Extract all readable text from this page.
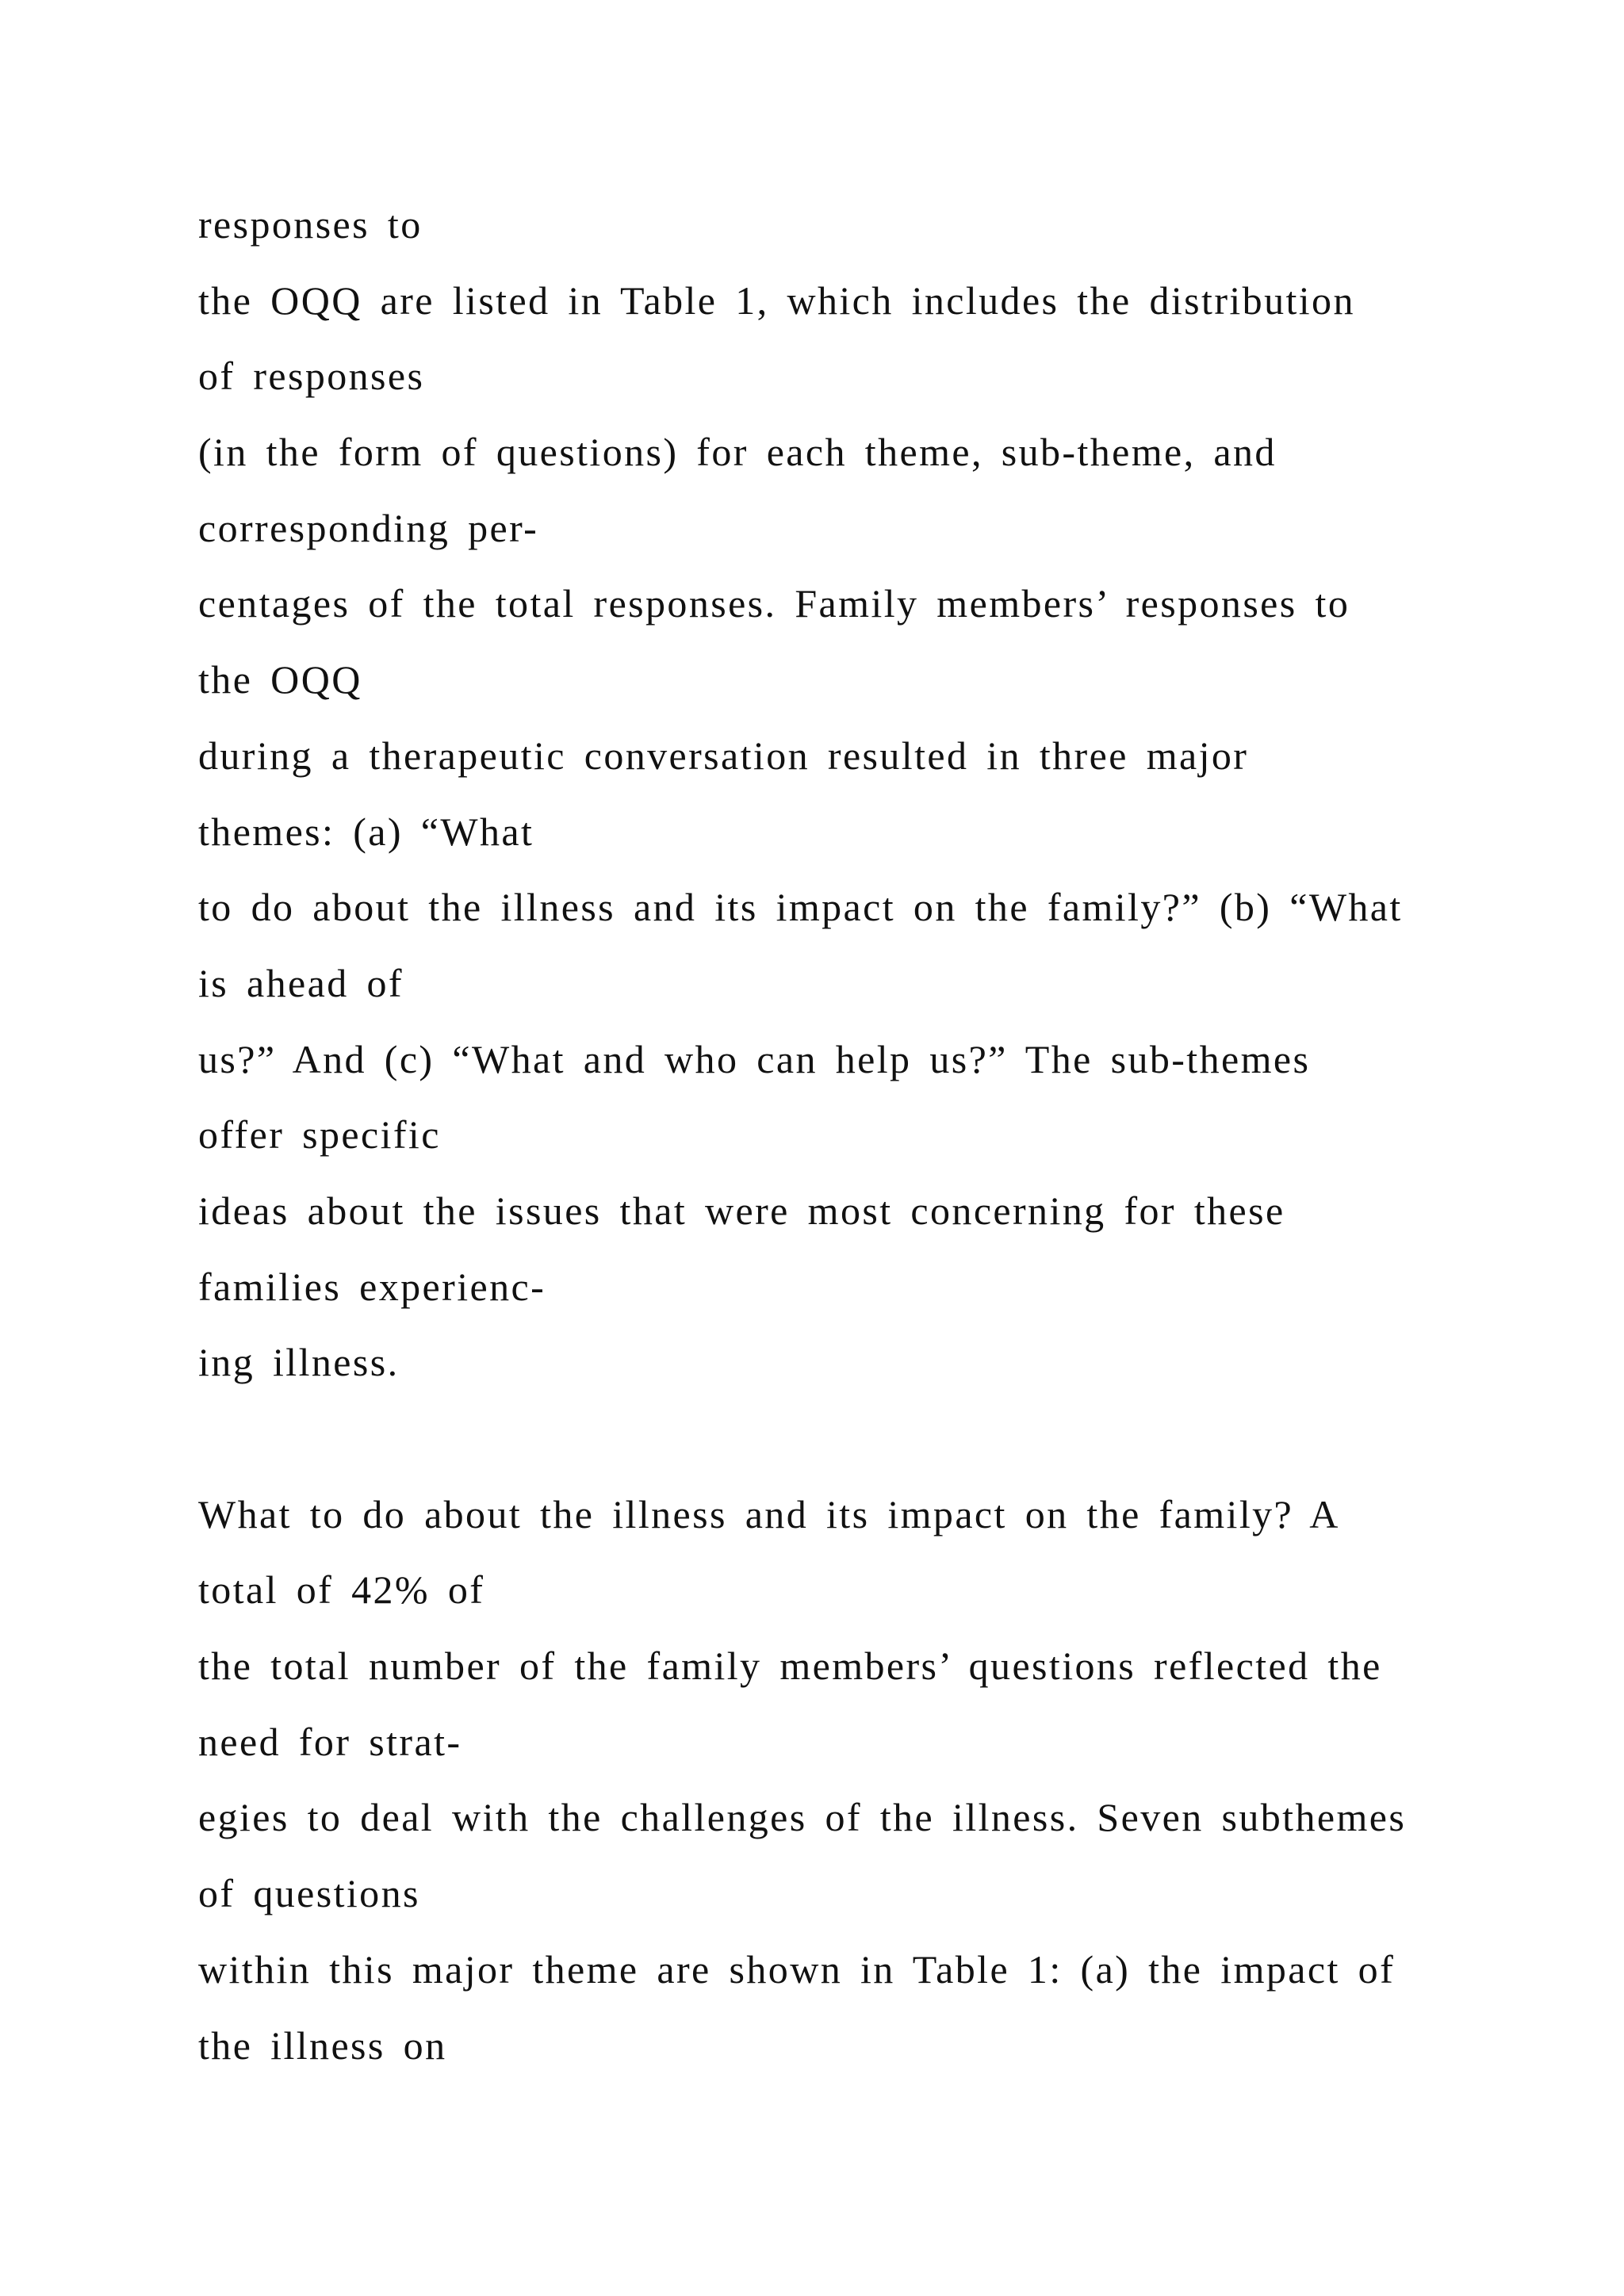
responses to
the OQQ are listed in Table 1, which includes the distribution
of responses
(in the form of questions) for each theme, sub-theme, and
corresponding per-
centages of the total responses. Family members’ responses to
the OQQ
during a therapeutic conversation resulted in three major
themes: (a) “What
to do about the illness and its impact on the family?” (b) “What
is ahead of
us?” And (c) “What and who can help us?” The sub-themes
offer specific
ideas about the issues that were most concerning for these
families experienc-
ing illness.
What to do about the illness and its impact on the family? A
total of 42% of
the total number of the family members’ questions reflected the
need for strat-
egies to deal with the challenges of the illness. Seven subthemes
of questions
within this major theme are shown in Table 1: (a) the impact of
the illness on
